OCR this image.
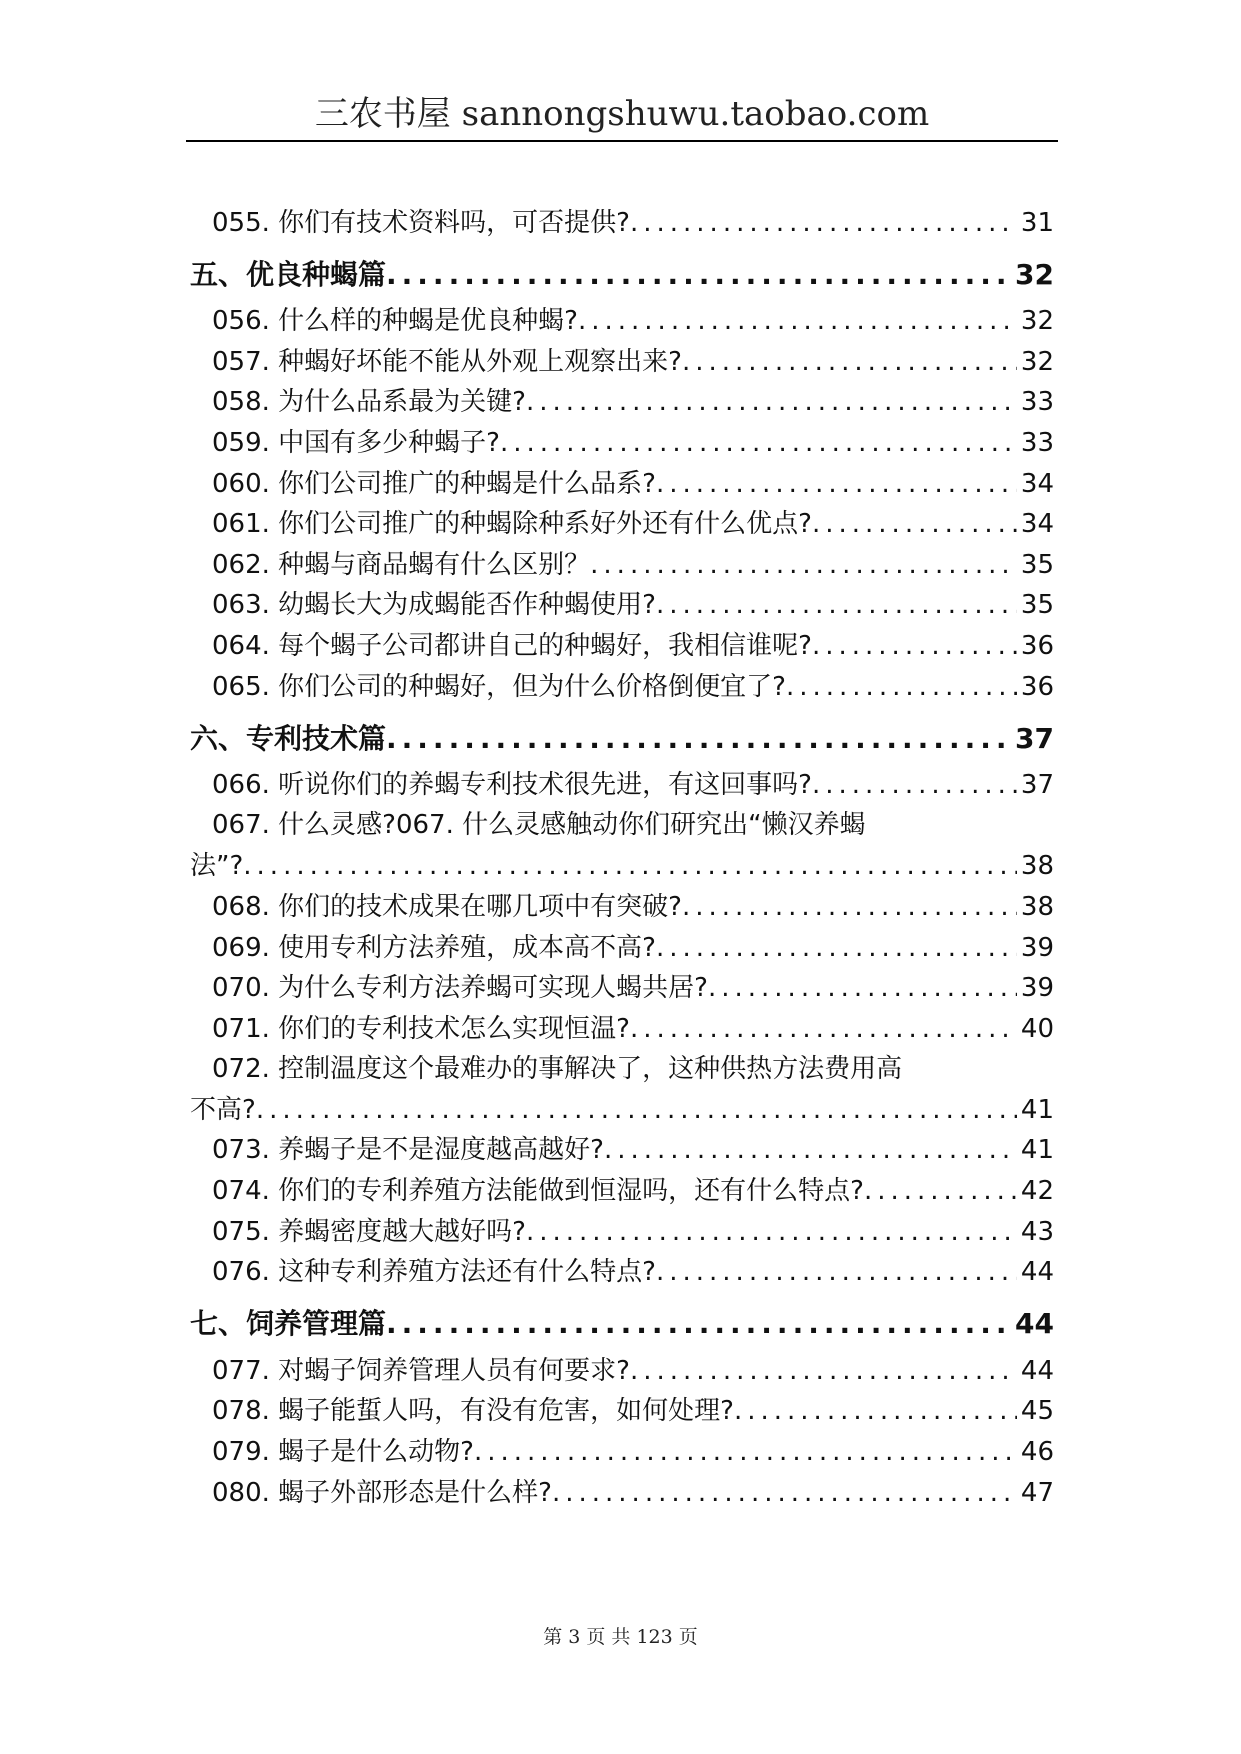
三农书屋 sannongshuwu.taobao.com
055. 你们有技术资料吗，可否提供? .....	31
五、优良种蝎篇 .....	32
056. 什么样的种蝎是优良种蝎? .....	32
057. 种蝎好坏能不能从外观上观察出来? .....	32
058. 为什么品系最为关键? .....	33
059. 中国有多少种蝎子? .....	33
060. 你们公司推广的种蝎是什么品系? .....	34
061. 你们公司推广的种蝎除种系好外还有什么优点? .....	34
062. 种蝎与商品蝎有什么区别？ .....	35
063. 幼蝎长大为成蝎能否作种蝎使用? .....	35
064. 每个蝎子公司都讲自己的种蝎好，我相信谁呢? .....	36
065. 你们公司的种蝎好，但为什么价格倒便宜了? .....	36
六、专利技术篇 .....	37
066. 听说你们的养蝎专利技术很先进，有这回事吗? .....	37
067. 什么灵感?067. 什么灵感触动你们研究出“懒汉养蝎
法”? .....	38
068. 你们的技术成果在哪几项中有突破? .....	38
069. 使用专利方法养殖，成本高不高? .....	39
070. 为什么专利方法养蝎可实现人蝎共居? .....	39
071. 你们的专利技术怎么实现恒温? .....	40
072. 控制温度这个最难办的事解决了，这种供热方法费用高
不高? .....	41
073. 养蝎子是不是湿度越高越好? .....	41
074. 你们的专利养殖方法能做到恒湿吗，还有什么特点? .....	42
075. 养蝎密度越大越好吗? .....	43
076. 这种专利养殖方法还有什么特点? .....	44
七、饲养管理篇 .....	44
077. 对蝎子饲养管理人员有何要求? .....	44
078. 蝎子能蜇人吗，有没有危害，如何处理? .....	45
079. 蝎子是什么动物? .....	46
080. 蝎子外部形态是什么样? .....	47
第 3 页 共 123 页
